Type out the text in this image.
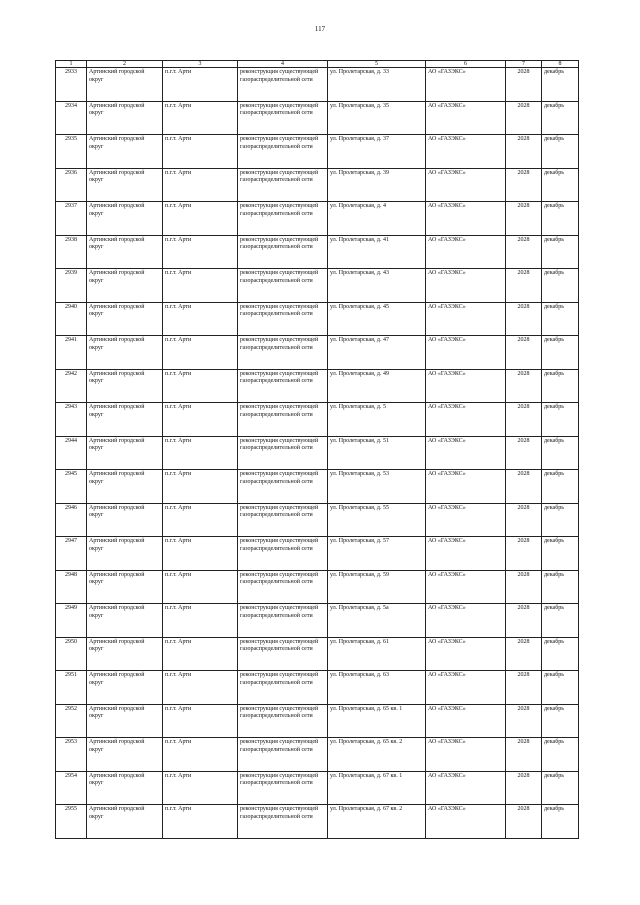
117
1	2	3	4	5	6	7	8
2933	Артинский городской округ	п.г.т. Арти	реконструкция существующей
газораспределительной сети	ул. Пролетарская, д. 33	АО «ГАЗЭКС»	2028	декабрь
2934	Артинский городской округ	п.г.т. Арти	реконструкция существующей
газораспределительной сети	ул. Пролетарская, д. 35	АО «ГАЗЭКС»	2028	декабрь
2935	Артинский городской округ	п.г.т. Арти	реконструкция существующей
газораспределительной сети	ул. Пролетарская, д. 37	АО «ГАЗЭКС»	2028	декабрь
2936	Артинский городской округ	п.г.т. Арти	реконструкция существующей
газораспределительной сети	ул. Пролетарская, д. 39	АО «ГАЗЭКС»	2028	декабрь
2937	Артинский городской округ	п.г.т. Арти	реконструкция существующей
газораспределительной сети	ул. Пролетарская, д. 4	АО «ГАЗЭКС»	2028	декабрь
2938	Артинский городской округ	п.г.т. Арти	реконструкция существующей
газораспределительной сети	ул. Пролетарская, д. 41	АО «ГАЗЭКС»	2028	декабрь
2939	Артинский городской округ	п.г.т. Арти	реконструкция существующей
газораспределительной сети	ул. Пролетарская, д. 43	АО «ГАЗЭКС»	2028	декабрь
2940	Артинский городской округ	п.г.т. Арти	реконструкция существующей
газораспределительной сети	ул. Пролетарская, д. 45	АО «ГАЗЭКС»	2028	декабрь
2941	Артинский городской округ	п.г.т. Арти	реконструкция существующей
газораспределительной сети	ул. Пролетарская, д. 47	АО «ГАЗЭКС»	2028	декабрь
2942	Артинский городской округ	п.г.т. Арти	реконструкция существующей
газораспределительной сети	ул. Пролетарская, д. 49	АО «ГАЗЭКС»	2028	декабрь
2943	Артинский городской округ	п.г.т. Арти	реконструкция существующей
газораспределительной сети	ул. Пролетарская, д. 5	АО «ГАЗЭКС»	2028	декабрь
2944	Артинский городской округ	п.г.т. Арти	реконструкция существующей
газораспределительной сети	ул. Пролетарская, д. 51	АО «ГАЗЭКС»	2028	декабрь
2945	Артинский городской округ	п.г.т. Арти	реконструкция существующей
газораспределительной сети	ул. Пролетарская, д. 53	АО «ГАЗЭКС»	2028	декабрь
2946	Артинский городской округ	п.г.т. Арти	реконструкция существующей
газораспределительной сети	ул. Пролетарская, д. 55	АО «ГАЗЭКС»	2028	декабрь
2947	Артинский городской округ	п.г.т. Арти	реконструкция существующей
газораспределительной сети	ул. Пролетарская, д. 57	АО «ГАЗЭКС»	2028	декабрь
2948	Артинский городской округ	п.г.т. Арти	реконструкция существующей
газораспределительной сети	ул. Пролетарская, д. 59	АО «ГАЗЭКС»	2028	декабрь
2949	Артинский городской округ	п.г.т. Арти	реконструкция существующей
газораспределительной сети	ул. Пролетарская, д. 5а	АО «ГАЗЭКС»	2028	декабрь
2950	Артинский городской округ	п.г.т. Арти	реконструкция существующей
газораспределительной сети	ул. Пролетарская, д. 61	АО «ГАЗЭКС»	2028	декабрь
2951	Артинский городской округ	п.г.т. Арти	реконструкция существующей
газораспределительной сети	ул. Пролетарская, д. 63	АО «ГАЗЭКС»	2028	декабрь
2952	Артинский городской округ	п.г.т. Арти	реконструкция существующей
газораспределительной сети	ул. Пролетарская, д. 65 кв. 1	АО «ГАЗЭКС»	2028	декабрь
2953	Артинский городской округ	п.г.т. Арти	реконструкция существующей
газораспределительной сети	ул. Пролетарская, д. 65 кв. 2	АО «ГАЗЭКС»	2028	декабрь
2954	Артинский городской округ	п.г.т. Арти	реконструкция существующей
газораспределительной сети	ул. Пролетарская, д. 67 кв. 1	АО «ГАЗЭКС»	2028	декабрь
2955	Артинский городской округ	п.г.т. Арти	реконструкция существующей
газораспределительной сети	ул. Пролетарская, д. 67 кв. 2	АО «ГАЗЭКС»	2028	декабрь
